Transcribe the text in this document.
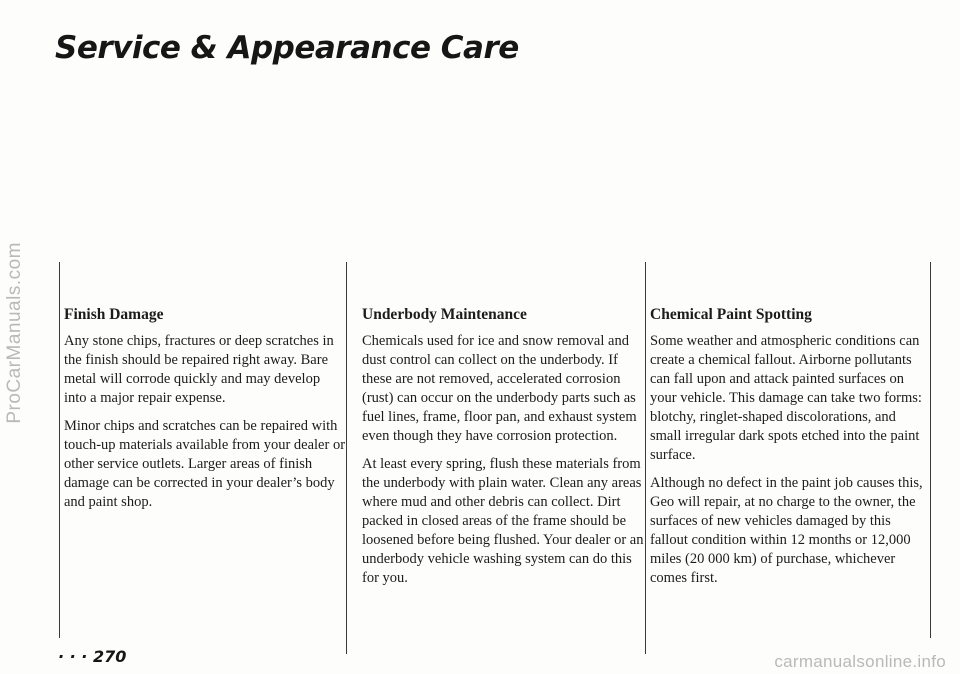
ProCarManuals.com
Service & Appearance Care
Finish Damage

Any stone chips, fractures or deep scratches in the finish should be repaired right away. Bare metal will corrode quickly and may develop into a major repair expense.

Minor chips and scratches can be repaired with touch-up materials available from your dealer or other service outlets. Larger areas of finish damage can be corrected in your dealer’s body and paint shop.

Underbody Maintenance

Chemicals used for ice and snow removal and dust control can collect on the underbody. If these are not removed, accelerated corrosion (rust) can occur on the underbody parts such as fuel lines, frame, floor pan, and exhaust system even though they have corrosion protection.

At least every spring, flush these materials from the underbody with plain water. Clean any areas where mud and other debris can collect. Dirt packed in closed areas of the frame should be loosened before being flushed. Your dealer or an underbody vehicle washing system can do this for you.

Chemical Paint Spotting

Some weather and atmospheric conditions can create a chemical fallout. Airborne pollutants can fall upon and attack painted surfaces on your vehicle. This damage can take two forms: blotchy, ringlet-shaped discolorations, and small irregular dark spots etched into the paint surface.

Although no defect in the paint job causes this, Geo will repair, at no charge to the owner, the surfaces of new vehicles damaged by this fallout condition within 12 months or 12,000 miles (20 000 km) of purchase, whichever comes first.

· · · 270	carmanualsonline.info
